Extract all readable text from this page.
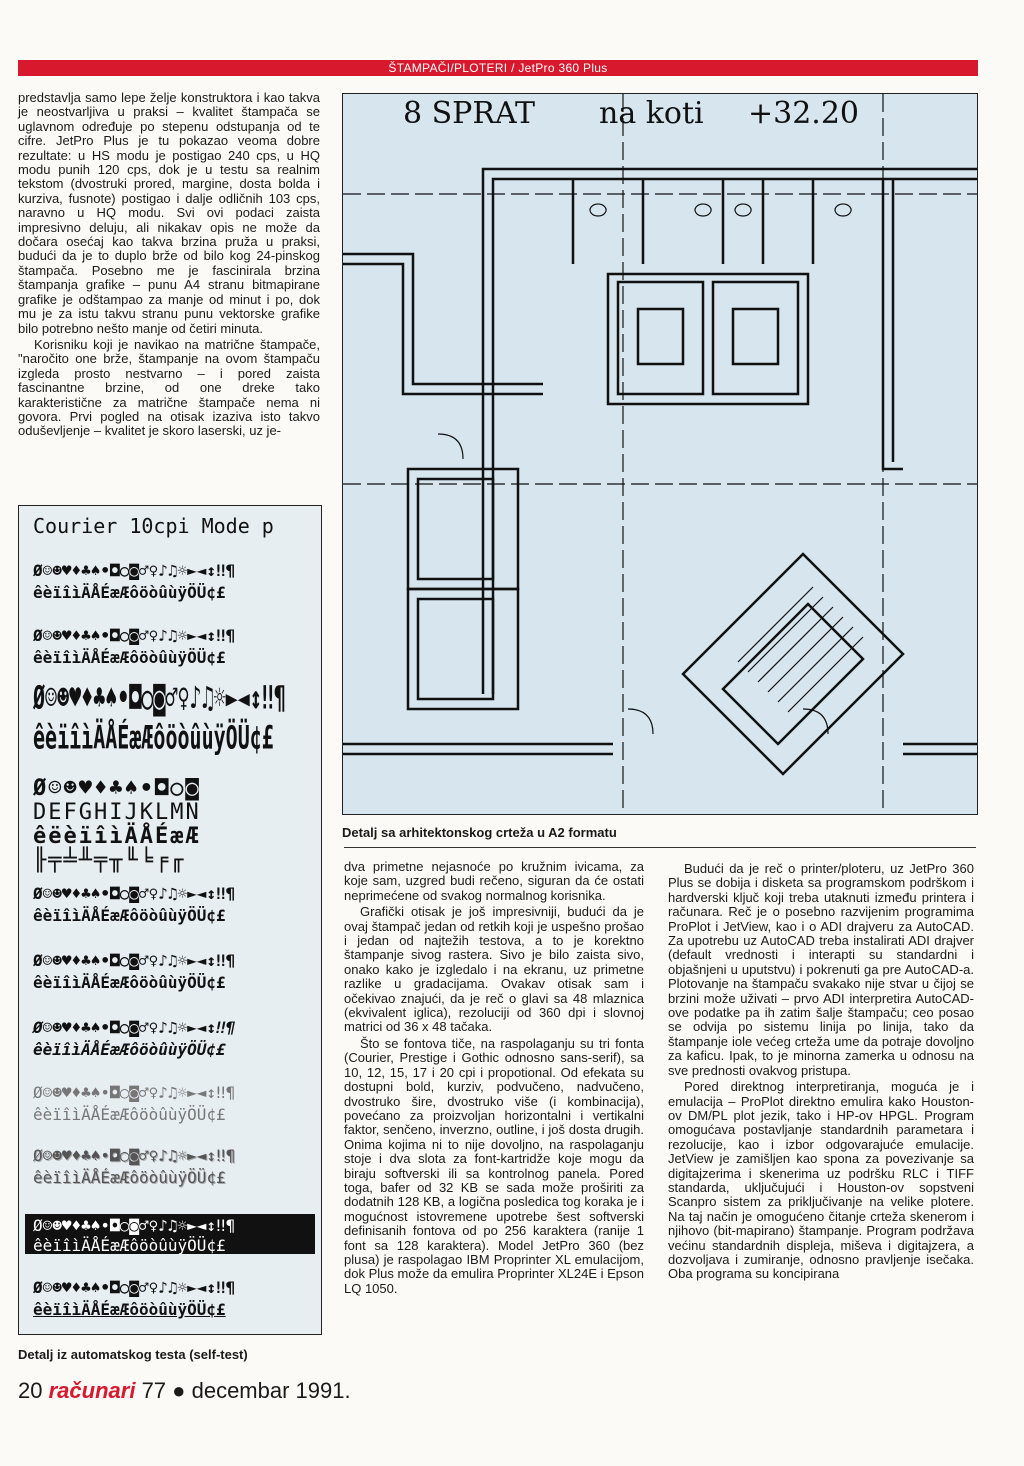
ŠTAMPAČI/PLOTERI / JetPro 360 Plus

predstavlja samo lepe želje konstruktora i kao takva je neostvarljiva u praksi – kvalitet štampača se uglavnom određuje po stepenu odstupanja od te cifre. JetPro Plus je tu pokazao veoma dobre rezultate: u HS modu je postigao 240 cps, u HQ modu punih 120 cps, dok je u testu sa realnim tekstom (dvostruki prored, margine, dosta bolda i kurziva, fusnote) postigao i dalje odličnih 103 cps, naravno u HQ modu. Svi ovi podaci zaista impresivno deluju, ali nikakav opis ne može da dočara osećaj kao takva brzina pruža u praksi, budući da je to duplo brže od bilo kog 24-pinskog štampača. Posebno me je fascinirala brzina štampanja grafike – punu A4 stranu bitmapirane grafike je odštampao za manje od minut i po, dok mu je za istu takvu stranu punu vektorske grafike bilo potrebno nešto manje od četiri minuta.

Korisniku koji je navikao na matrične štampače, "naročito one brže, štampanje na ovom štampaču izgleda prosto nestvarno – i pored zaista fascinantne brzine, od one dreke tako karakteristične za matrične štampače nema ni govora. Prvi pogled na otisak izaziva isto takvo oduševljenje – kvalitet je skoro laserski, uz je-

Courier 10cpi Mode p
Ø☺☻♥♦♣♠•◘○◙♂♀♪♫☼►◄↕‼¶
êèïîìÄÅÉæÆôöòûùÿÖÜ¢£
Ø☺☻♥♦♣♠•◘○◙♂♀♪♫☼►◄↕‼¶
êèïîìÄÅÉæÆôöòûùÿÖÜ¢£
Ø☺☻♥♦♣♠•◘○◙♂♀♪♫☼►◄↕‼¶
êèïîìÄÅÉæÆôöòûùÿÖÜ¢£
Ø☺☻♥♦♣♠•◘○◙
DEFGHIJKLMN
êëèïîìÄÅÉæÆ
╟╤╧╨╤╥╙╘╒╓
Ø☺☻♥♦♣♠•◘○◙♂♀♪♫☼►◄↕‼¶
êèïîìÄÅÉæÆôöòûùÿÖÜ¢£
Ø☺☻♥♦♣♠•◘○◙♂♀♪♫☼►◄↕‼¶
êèïîìÄÅÉæÆôöòûùÿÖÜ¢£
Ø☺☻♥♦♣♠•◘○◙♂♀♪♫☼►◄↕‼¶
êèïîìÄÅÉæÆôöòûùÿÖÜ¢£
Ø☺☻♥♦♣♠•◘○◙♂♀♪♫☼►◄↕‼¶
êèïîìÄÅÉæÆôöòûùÿÖÜ¢£
Ø☺☻♥♦♣♠•◘○◙♂♀♪♫☼►◄↕‼¶
êèïîìÄÅÉæÆôöòûùÿÖÜ¢£
Ø☺☻♥♦♣♠•◘○◙♂♀♪♫☼►◄↕‼¶
êèïîìÄÅÉæÆôöòûùÿÖÜ¢£
Ø☺☻♥♦♣♠•◘○◙♂♀♪♫☼►◄↕‼¶
êèïîìÄÅÉæÆôöòûùÿÖÜ¢£
Detalj iz automatskog testa (self-test)
8 SPRAT na koti +32.20
Detalj sa arhitektonskog crteža u A2 formatu

dva primetne nejasnoće po kružnim ivicama, za koje sam, uzgred budi rečeno, siguran da će ostati neprimećene od svakog normalnog korisnika.

Grafički otisak je još impresivniji, budući da je ovaj štampač jedan od retkih koji je uspešno prošao i jedan od najtežih testova, a to je korektno štampanje sivog rastera. Sivo je bilo zaista sivo, onako kako je izgledalo i na ekranu, uz primetne razlike u gradacijama. Ovakav otisak sam i očekivao znajući, da je reč o glavi sa 48 mlaznica (ekvivalent iglica), rezoluciji od 360 dpi i slovnoj matrici od 36 x 48 tačaka.

Što se fontova tiče, na raspolaganju su tri fonta (Courier, Prestige i Gothic odnosno sans-serif), sa 10, 12, 15, 17 i 20 cpi i propotional. Od efekata su dostupni bold, kurziv, podvučeno, nadvučeno, dvostruko šire, dvostruko više (i kombinacija), povećano za proizvoljan horizontalni i vertikalni faktor, senčeno, inverzno, outline, i još dosta drugih. Onima kojima ni to nije dovoljno, na raspolaganju stoje i dva slota za font-kartridže koje mogu da biraju softverski ili sa kontrolnog panela. Pored toga, bafer od 32 KB se sada može proširiti za dodatnih 128 KB, a logična posledica tog koraka je i mogućnost istovremene upotrebe šest softverski definisanih fontova od po 256 karaktera (ranije 1 font sa 128 karaktera). Model JetPro 360 (bez plusa) je raspolagao IBM Proprinter XL emulacijom, dok Plus može da emulira Proprinter XL24E i Epson LQ 1050.

Budući da je reč o printer/ploteru, uz JetPro 360 Plus se dobija i disketa sa programskom podrškom i hardverski ključ koji treba utaknuti između printera i računara. Reč je o posebno razvijenim programima ProPlot i JetView, kao i o ADI drajveru za AutoCAD. Za upotrebu uz AutoCAD treba instalirati ADI drajver (default vrednosti i interapti su standardni i objašnjeni u uputstvu) i pokrenuti ga pre AutoCAD-a. Plotovanje na štampaču svakako nije stvar u čijoj se brzini može uživati – prvo ADI interpretira AutoCAD-ove podatke pa ih zatim šalje štampaču; ceo posao se odvija po sistemu linija po linija, tako da štampanje iole većeg crteža ume da potraje dovoljno za kaficu. Ipak, to je minorna zamerka u odnosu na sve prednosti ovakvog pristupa.

Pored direktnog interpretiranja, moguća je i emulacija – ProPlot direktno emulira kako Houston-ov DM/PL plot jezik, tako i HP-ov HPGL. Program omogućava postavljanje standardnih parametara i rezolucije, kao i izbor odgovarajuće emulacije. JetView je zamišljen kao spona za povezivanje sa digitajzerima i skenerima uz podršku RLC i TIFF standarda, uključujući i Houston-ov sopstveni Scanpro sistem za priključivanje na velike plotere. Na taj način je omogućeno čitanje crteža skenerom i njihovo (bit-mapirano) štampanje. Program podržava većinu standardnih displeja, miševa i digitajzera, a dozvoljava i zumiranje, odnosno pravljenje isečaka. Oba programa su koncipirana

20 računari 77 ● decembar 1991.
